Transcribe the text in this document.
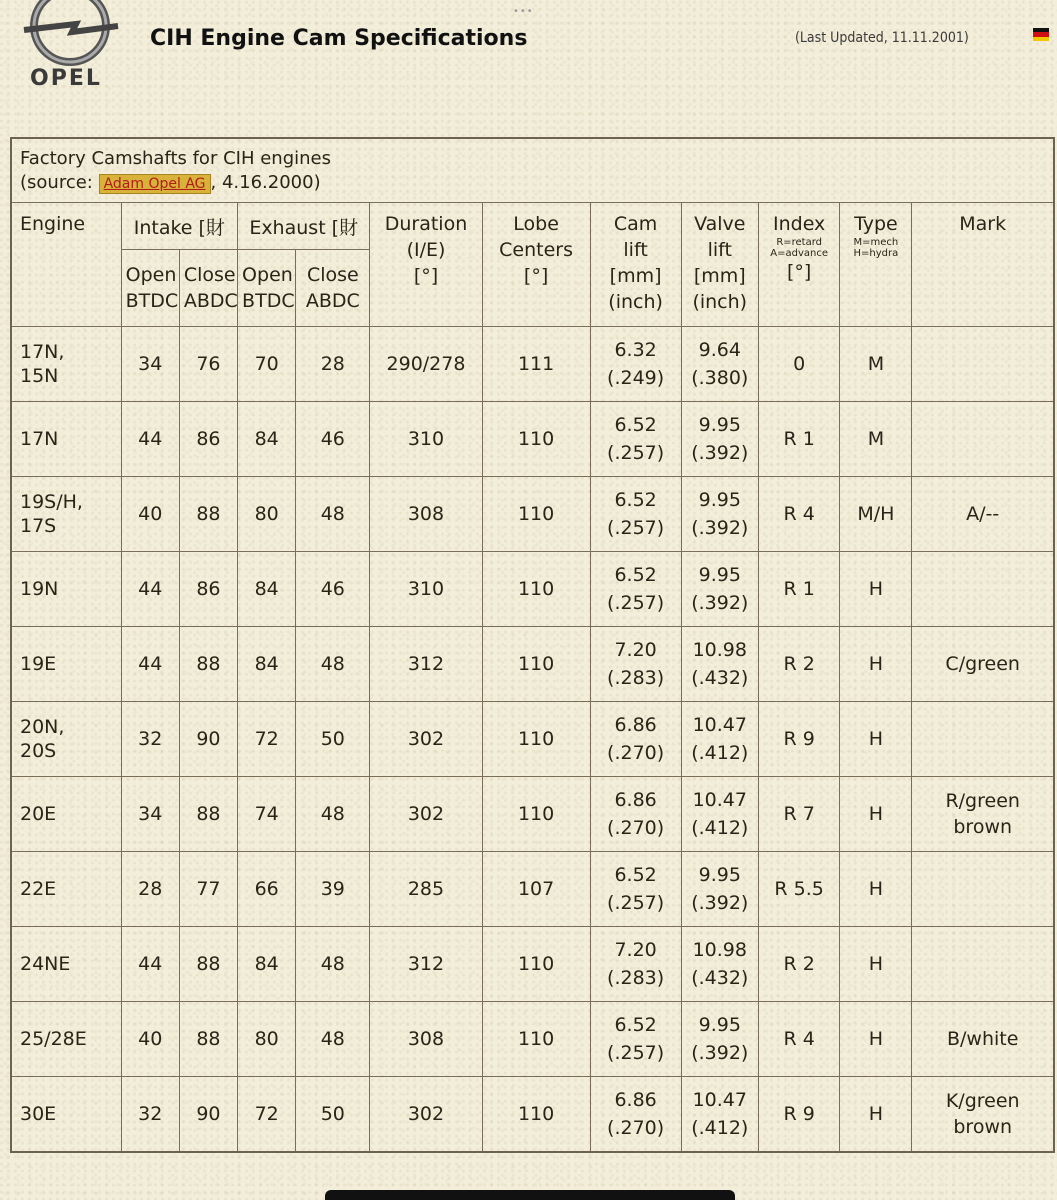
OPEL
•••
CIH Engine Cam Specifications	(Last Updated, 11.11.2001)
Factory Camshafts for CIH engines
(source: Adam Opel AG , 4.16.2000)											

Engine	Intake [財		Exhaust [財		Duration
(I/E)
[°]	Lobe
Centers
[°]	Cam
lift
[mm]
(inch)	Valve
lift
[mm]
(inch)	Index
R=retard
A=advance
[°]	Type
M=mech
H=hydra	Mark
	Open
BTDC	Close
ABDC	Open
BTDC	Close
ABDC							
17N,
15N	34	76	70	28	290/278	111	6.32
(.249)	9.64
(.380)	0	M	

17N	44	86	84	46	310	110	6.52
(.257)	9.95
(.392)	R 1	M	

19S/H,
17S	40	88	80	48	308	110	6.52
(.257)	9.95
(.392)	R 4	M/H	A/--

19N	44	86	84	46	310	110	6.52
(.257)	9.95
(.392)	R 1	H	

19E	44	88	84	48	312	110	7.20
(.283)	10.98
(.432)	R 2	H	C/green

20N,
20S	32	90	72	50	302	110	6.86
(.270)	10.47
(.412)	R 9	H	

20E	34	88	74	48	302	110	6.86
(.270)	10.47
(.412)	R 7	H	R/green
brown
22E	28	77	66	39	285	107	6.52
(.257)	9.95
(.392)	R 5.5	H	

24NE	44	88	84	48	312	110	7.20
(.283)	10.98
(.432)	R 2	H	

25/28E	40	88	80	48	308	110	6.52
(.257)	9.95
(.392)	R 4	H	B/white

30E	32	90	72	50	302	110	6.86
(.270)	10.47
(.412)	R 9	H	K/green
brown
